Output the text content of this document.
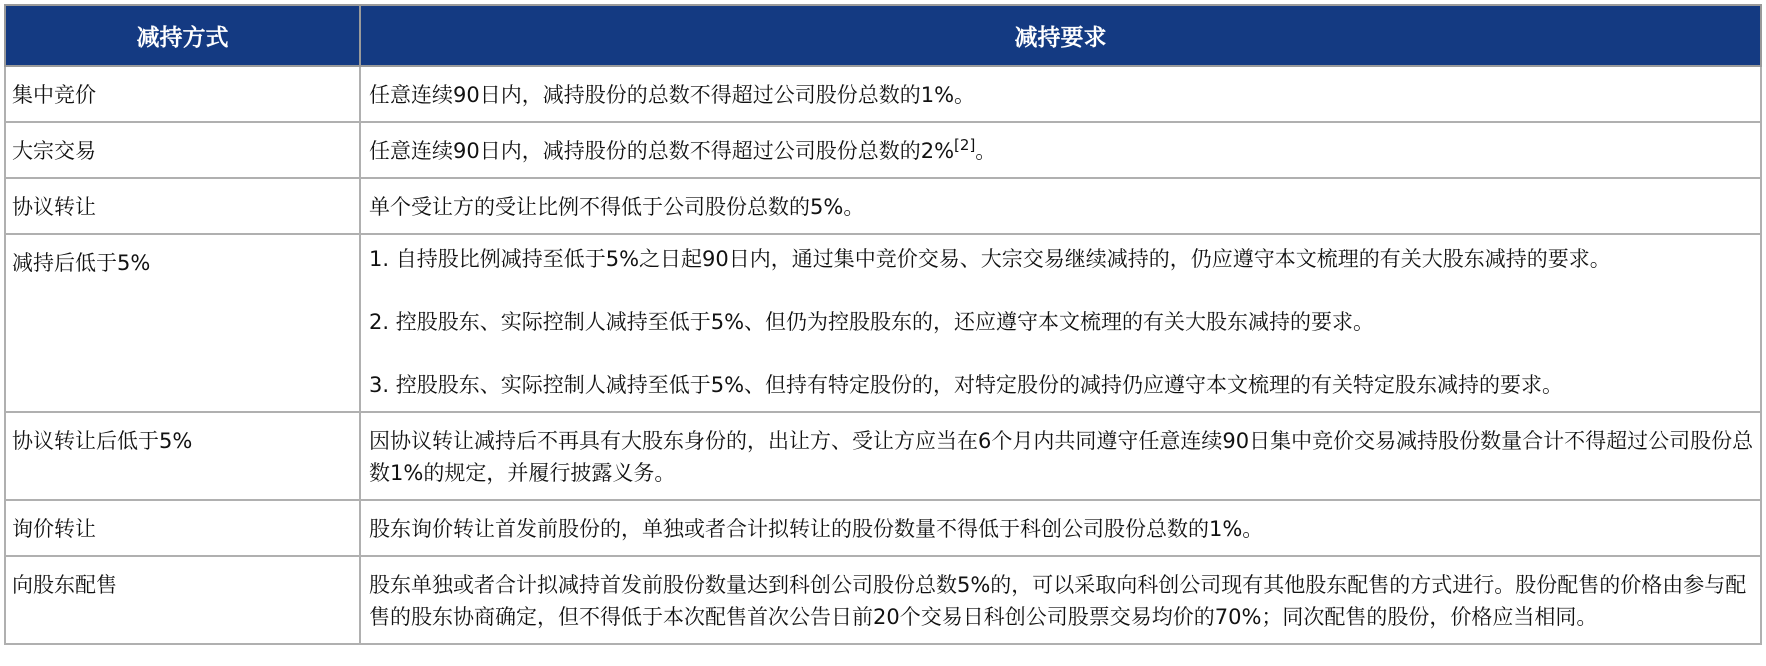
减持方式	减持要求
集中竞价	任意连续90日内，减持股份的总数不得超过公司股份总数的1%。
大宗交易	任意连续90日内，减持股份的总数不得超过公司股份总数的2%[2]。
协议转让	单个受让方的受让比例不得低于公司股份总数的5%。
减持后低于5%	1. 自持股比例减持至低于5%之日起90日内，通过集中竞价交易、大宗交易继续减持的，仍应遵守本文梳理的有关大股东减持的要求。
2. 控股股东、实际控制人减持至低于5%、但仍为控股股东的，还应遵守本文梳理的有关大股东减持的要求。
3. 控股股东、实际控制人减持至低于5%、但持有特定股份的，对特定股份的减持仍应遵守本文梳理的有关特定股东减持的要求。

协议转让后低于5%	因协议转让减持后不再具有大股东身份的，出让方、受让方应当在6个月内共同遵守任意连续90日集中竞价交易减持股份数量合计不得超过公司股份总数1%的规定，并履行披露义务。
询价转让	股东询价转让首发前股份的，单独或者合计拟转让的股份数量不得低于科创公司股份总数的1%。
向股东配售	股东单独或者合计拟减持首发前股份数量达到科创公司股份总数5%的，可以采取向科创公司现有其他股东配售的方式进行。股份配售的价格由参与配售的股东协商确定，但不得低于本次配售首次公告日前20个交易日科创公司股票交易均价的70%；同次配售的股份，价格应当相同。
